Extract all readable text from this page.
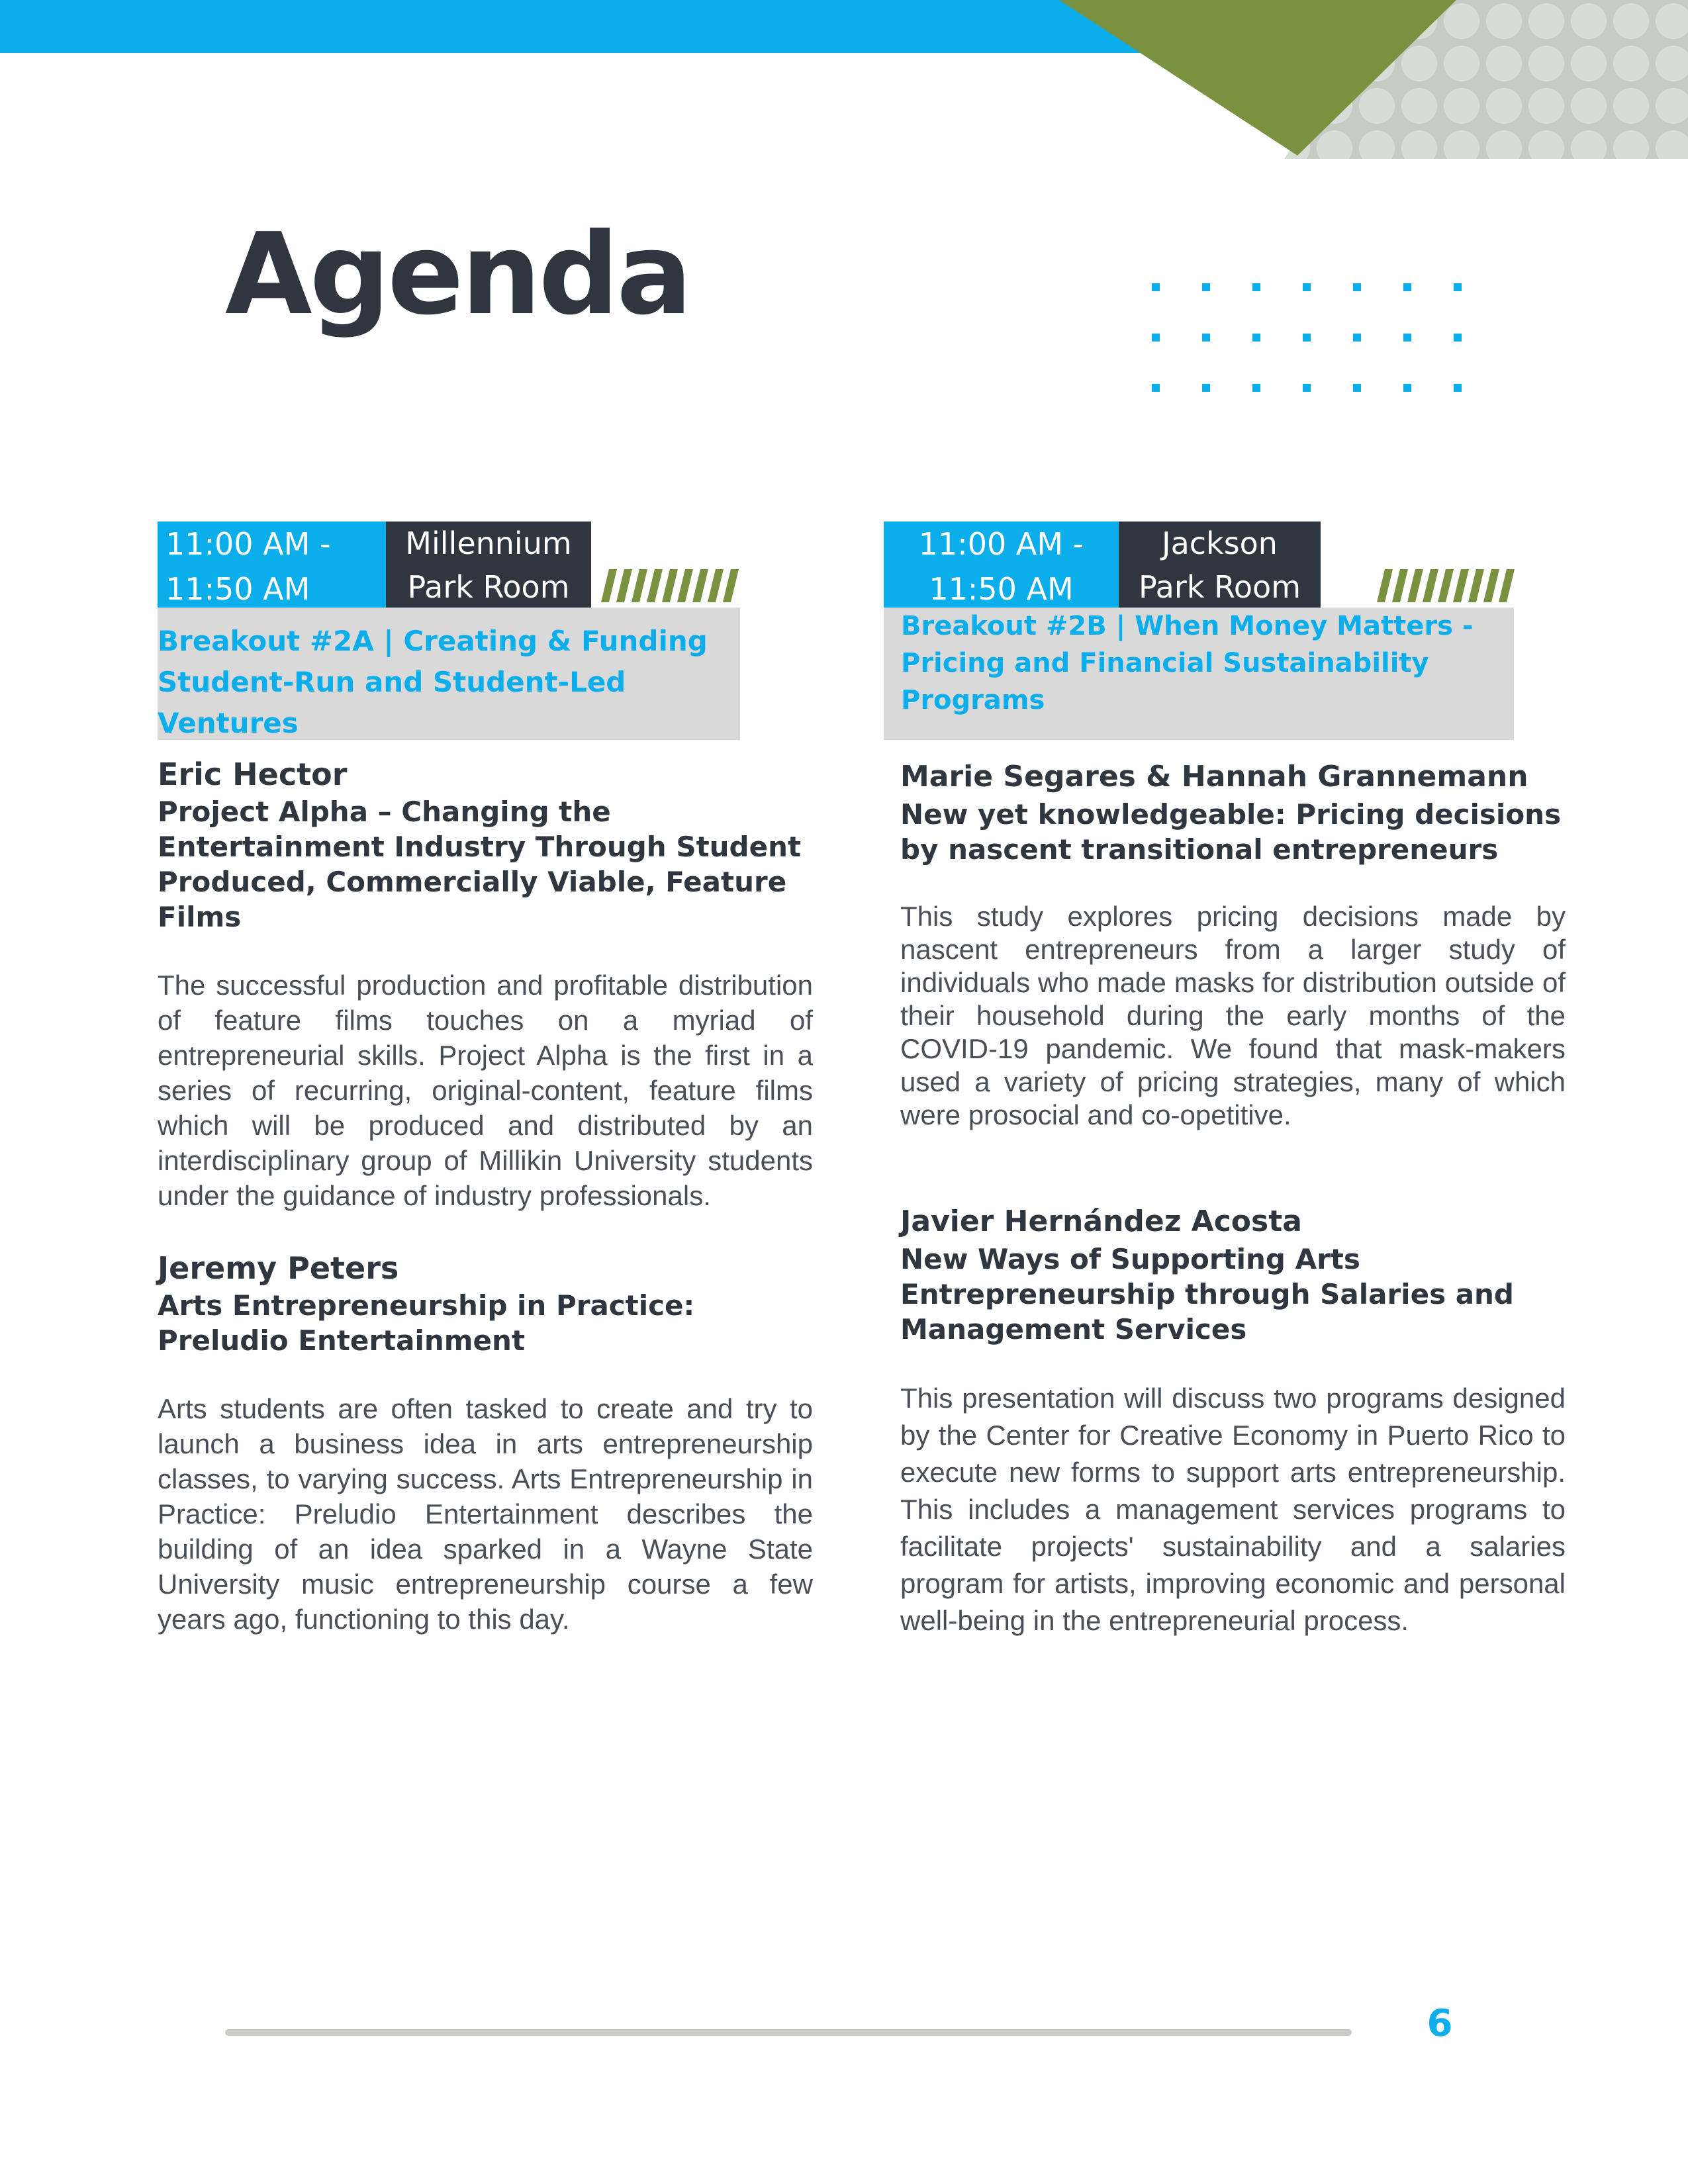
Agenda
11:00 AM -
11:50 AM
Millennium
Park Room
Breakout #2A | Creating & Funding Student-Run and Student-Led Ventures
11:00 AM -
11:50 AM
Jackson
Park Room
Breakout #2B | When Money Matters - Pricing and Financial Sustainability Programs
Eric Hector
Project Alpha – Changing the Entertainment Industry Through Student Produced, Commercially Viable, Feature Films
The successful production and profitable distribution of feature films touches on a myriad of entrepreneurial skills. Project Alpha is the first in a series of recurring, original-content, feature films which will be produced and distributed by an interdisciplinary group of Millikin University students under the guidance of industry professionals.
Jeremy Peters
Arts Entrepreneurship in Practice: Preludio Entertainment
Arts students are often tasked to create and try to launch a business idea in arts entrepreneurship classes, to varying success. Arts Entrepreneurship in Practice: Preludio Entertainment describes the building of an idea sparked in a Wayne State University music entrepreneurship course a few years ago, functioning to this day.
Marie Segares & Hannah Grannemann
New yet knowledgeable: Pricing decisions by nascent transitional entrepreneurs
This study explores pricing decisions made by nascent entrepreneurs from a larger study of individuals who made masks for distribution outside of their household during the early months of the COVID-19 pandemic. We found that mask-makers used a variety of pricing strategies, many of which were prosocial and co-opetitive.
Javier Hernández Acosta
New Ways of Supporting Arts Entrepreneurship through Salaries and Management Services
This presentation will discuss two programs designed by the Center for Creative Economy in Puerto Rico to execute new forms to support arts entrepreneurship. This includes a management services programs to facilitate projects' sustainability and a salaries program for artists, improving economic and personal well-being in the entrepreneurial process.
6
